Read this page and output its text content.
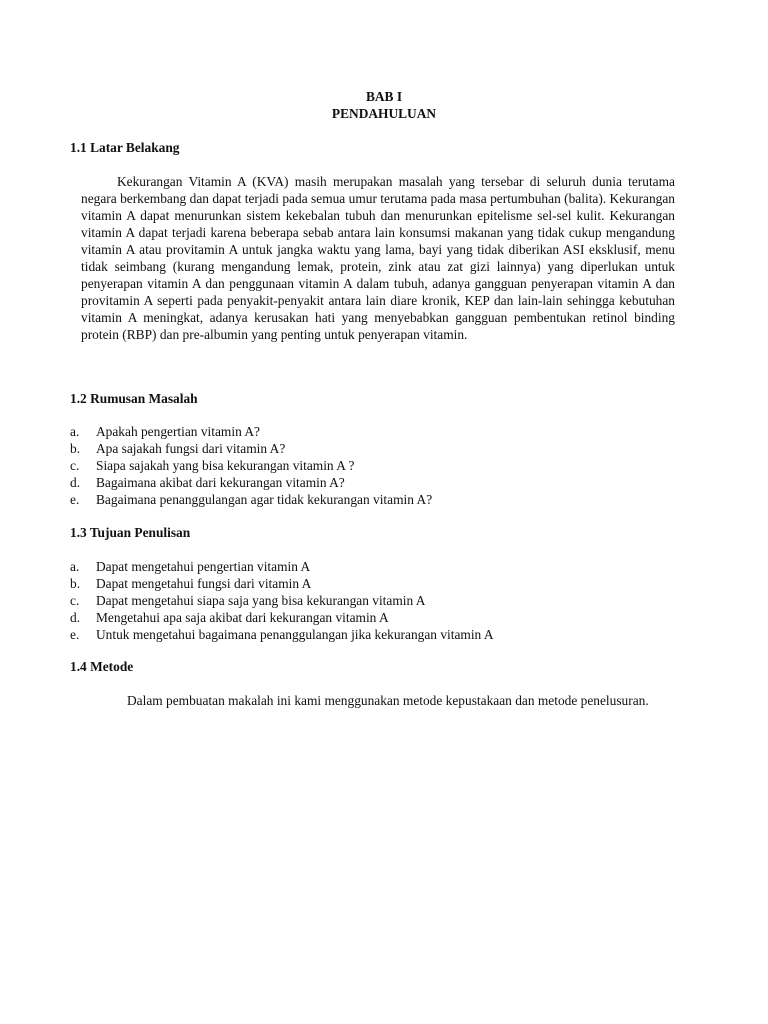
BAB I
PENDAHULUAN
1.1 Latar Belakang
Kekurangan Vitamin A (KVA) masih merupakan masalah yang tersebar di seluruh dunia terutama negara berkembang dan dapat terjadi pada semua umur terutama pada masa pertumbuhan (balita). Kekurangan vitamin A dapat menurunkan sistem kekebalan tubuh dan menurunkan epitelisme sel-sel kulit. Kekurangan vitamin A dapat terjadi karena beberapa sebab antara lain konsumsi makanan yang tidak cukup mengandung vitamin A atau provitamin A untuk jangka waktu yang lama, bayi yang tidak diberikan ASI eksklusif, menu tidak seimbang (kurang mengandung lemak, protein, zink atau zat gizi lainnya) yang diperlukan untuk penyerapan vitamin A dan penggunaan vitamin A dalam tubuh, adanya gangguan penyerapan vitamin A dan provitamin A seperti pada penyakit-penyakit antara lain diare kronik, KEP dan lain-lain sehingga kebutuhan vitamin A meningkat, adanya kerusakan hati yang menyebabkan gangguan pembentukan retinol binding protein (RBP) dan pre-albumin yang penting untuk penyerapan vitamin.
1.2 Rumusan Masalah
a. Apakah pengertian vitamin A?
b. Apa sajakah fungsi dari vitamin A?
c. Siapa sajakah yang bisa kekurangan vitamin A ?
d. Bagaimana akibat dari kekurangan vitamin A?
e. Bagaimana penanggulangan agar tidak kekurangan vitamin A?
1.3 Tujuan Penulisan
a. Dapat mengetahui pengertian vitamin A
b. Dapat mengetahui fungsi dari vitamin A
c. Dapat mengetahui siapa saja yang bisa kekurangan vitamin A
d. Mengetahui apa saja akibat dari kekurangan vitamin A
e. Untuk mengetahui bagaimana penanggulangan jika kekurangan vitamin A
1.4 Metode
Dalam pembuatan makalah ini kami menggunakan metode kepustakaan dan metode penelusuran.
